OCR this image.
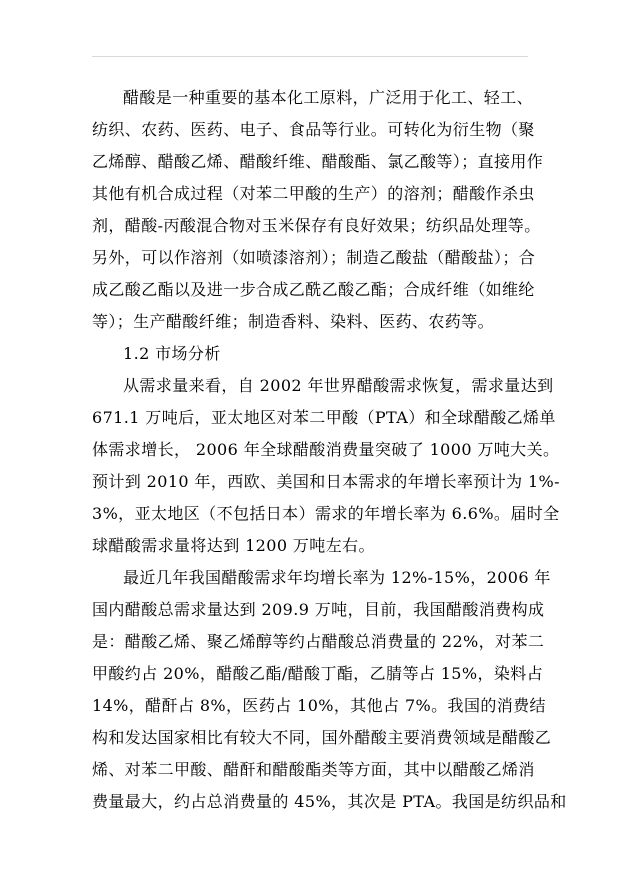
醋酸是一种重要的基本化工原料，广泛用于化工、轻工、
纺织、农药、医药、电子、食品等行业。可转化为衍生物（聚
乙烯醇、醋酸乙烯、醋酸纤维、醋酸酯、氯乙酸等）；直接用作
其他有机合成过程（对苯二甲酸的生产）的溶剂；醋酸作杀虫
剂，醋酸-丙酸混合物对玉米保存有良好效果；纺织品处理等。
另外，可以作溶剂（如喷漆溶剂）；制造乙酸盐（醋酸盐）；合
成乙酸乙酯以及进一步合成乙酰乙酸乙酯；合成纤维（如维纶
等）；生产醋酸纤维；制造香料、染料、医药、农药等。
1.2 市场分析
从需求量来看，自 2002 年世界醋酸需求恢复，需求量达到
671.1 万吨后，亚太地区对苯二甲酸（PTA）和全球醋酸乙烯单
体需求增长， 2006 年全球醋酸消费量突破了 1000 万吨大关。
预计到 2010 年，西欧、美国和日本需求的年增长率预计为 1%-
3%，亚太地区（不包括日本）需求的年增长率为 6.6%。届时全
球醋酸需求量将达到 1200 万吨左右。
最近几年我国醋酸需求年均增长率为 12%-15%，2006 年
国内醋酸总需求量达到 209.9 万吨，目前，我国醋酸消费构成
是：醋酸乙烯、聚乙烯醇等约占醋酸总消费量的 22%，对苯二
甲酸约占 20%，醋酸乙酯/醋酸丁酯，乙腈等占 15%，染料占
14%，醋酐占 8%，医药占 10%，其他占 7%。我国的消费结
构和发达国家相比有较大不同，国外醋酸主要消费领域是醋酸乙
烯、对苯二甲酸、醋酐和醋酸酯类等方面，其中以醋酸乙烯消
费量最大，约占总消费量的 45%，其次是 PTA。我国是纺织品和
